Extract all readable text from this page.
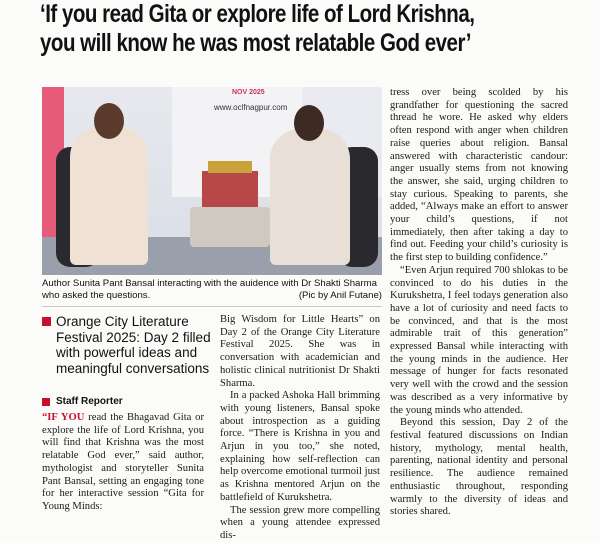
‘If you read Gita or explore life of Lord Krishna,
you will know he was most relatable God ever’
NOV 2025
www.oclfnagpur.com
Author Sunita Pant Bansal interacting with the auidence with Dr Shakti Sharma who asked the questions.	(Pic by Anil Futane)
Orange City Literature Festival 2025: Day 2 filled with powerful ideas and meaningful conversations
Staff Reporter

“IF YOU read the Bhagavad Gita or explore the life of Lord Krishna, you will find that Krishna was the most relatable God ever,” said author, mythologist and storyteller Sunita Pant Bansal, setting an engaging tone for her interactive session “Gita for Young Minds:

Big Wisdom for Little Hearts” on Day 2 of the Orange City Literature Festival 2025. She was in conversation with academician and holistic clinical nutritionist Dr Shakti Sharma.

In a packed Ashoka Hall brimming with young listeners, Bansal spoke about introspection as a guiding force. “There is Krishna in you and Arjun in you too,” she noted, explaining how self-reflection can help overcome emotional turmoil just as Krishna mentored Arjun on the battlefield of Kurukshetra.

The session grew more compelling when a young attendee expressed dis-

tress over being scolded by his grandfather for questioning the sacred thread he wore. He asked why elders often respond with anger when children raise queries about religion. Bansal answered with characteristic candour: anger usually stems from not knowing the answer, she said, urging children to stay curious. Speaking to parents, she added, “Always make an effort to answer your child’s questions, if not immediately, then after taking a day to find out. Feeding your child’s curiosity is the first step to building confidence.”

“Even Arjun required 700 shlokas to be convinced to do his duties in the Kurukshetra, I feel todays generation also have a lot of curiosity and need facts to be convinced, and that is the most admirable trait of this generation” expressed Bansal while interacting with the young minds in the audience. Her message of hunger for facts resonated very well with the crowd and the session was described as a very informative by the young minds who attended.

Beyond this session, Day 2 of the festival featured discussions on Indian history, mythology, mental health, parenting, national identity and personal resilience. The audience remained enthusiastic throughout, responding warmly to the diversity of ideas and stories shared.
